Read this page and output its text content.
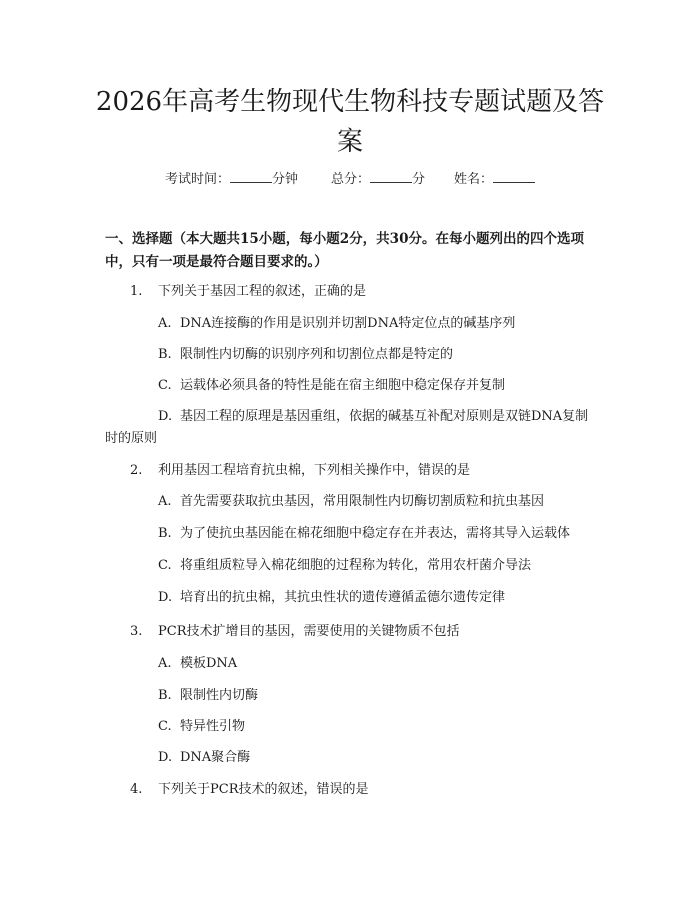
2026年高考生物现代生物科技专题试题及答案
考试时间：	分钟	总分：	分 姓名：

一、选择题（本大题共15小题，每小题2分，共30分。在每小题列出的四个选项中，只有一项是最符合题目要求的。）

1. 下列关于基因工程的叙述，正确的是
A. DNA连接酶的作用是识别并切割DNA特定位点的碱基序列
B. 限制性内切酶的识别序列和切割位点都是特定的
C. 运载体必须具备的特性是能在宿主细胞中稳定保存并复制
D. 基因工程的原理是基因重组，依据的碱基互补配对原则是双链DNA复制时的原则
2. 利用基因工程培育抗虫棉，下列相关操作中，错误的是
A. 首先需要获取抗虫基因，常用限制性内切酶切割质粒和抗虫基因
B. 为了使抗虫基因能在棉花细胞中稳定存在并表达，需将其导入运载体
C. 将重组质粒导入棉花细胞的过程称为转化，常用农杆菌介导法
D. 培育出的抗虫棉，其抗虫性状的遗传遵循孟德尔遗传定律
3. PCR技术扩增目的基因，需要使用的关键物质不包括
A. 模板DNA
B. 限制性内切酶
C. 特异性引物
D. DNA聚合酶
4. 下列关于PCR技术的叙述，错误的是
